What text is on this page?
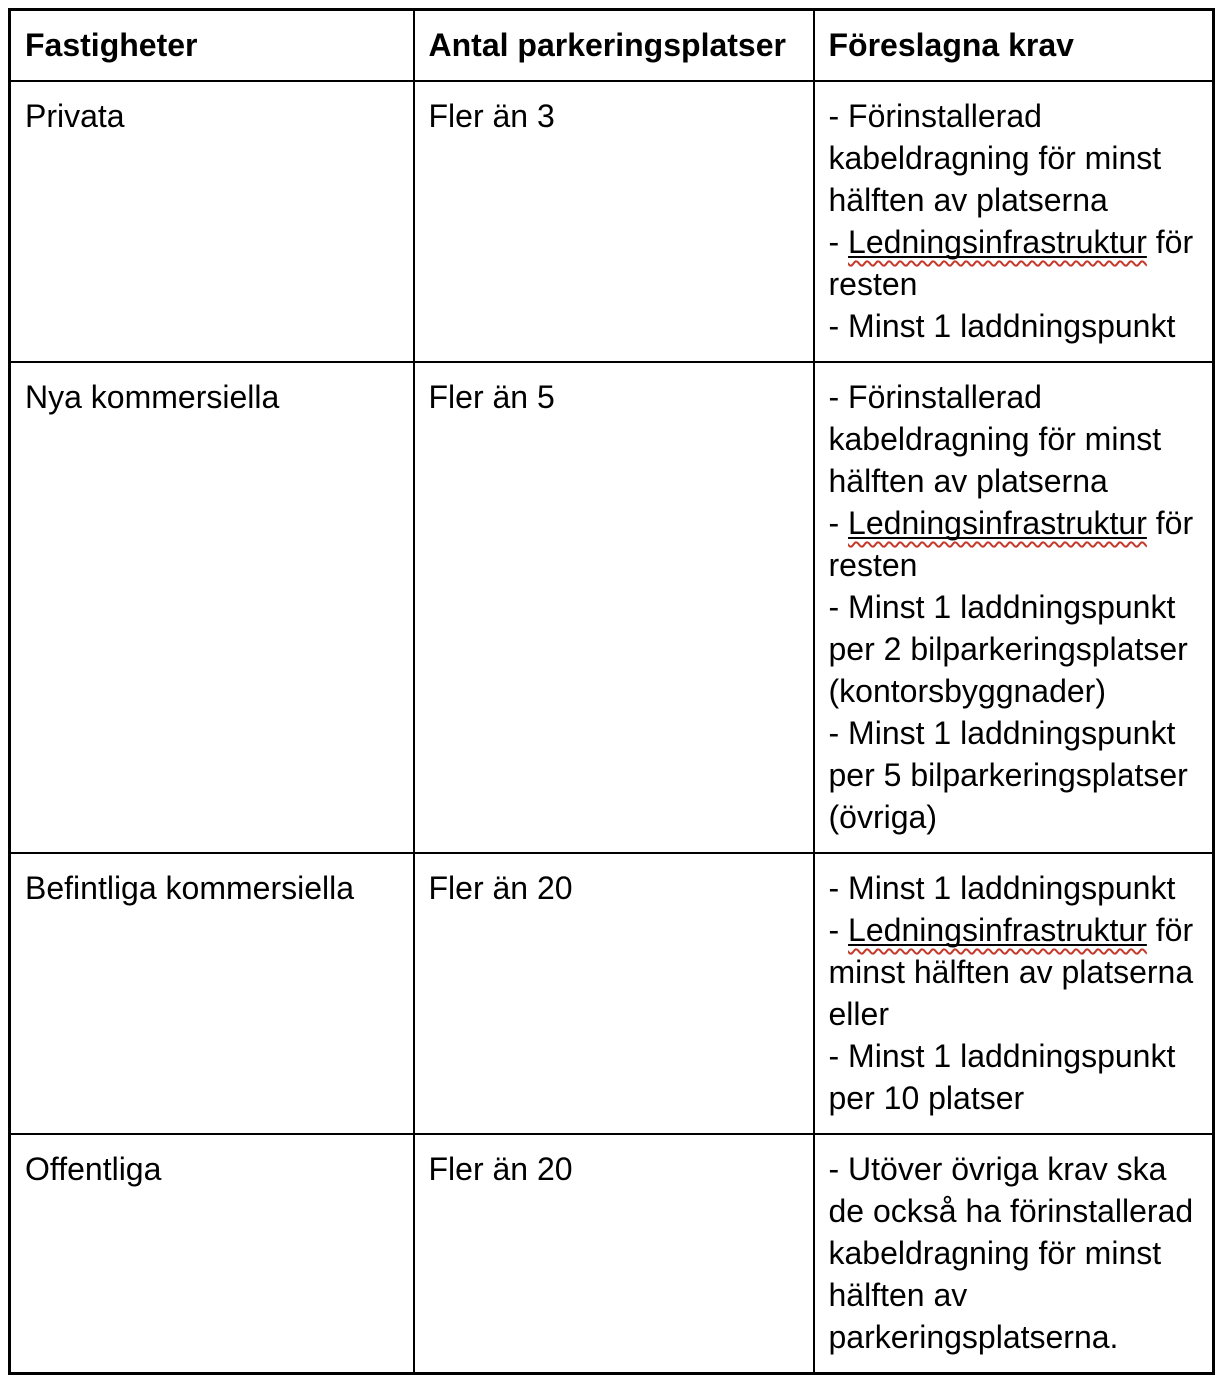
Fastigheter	Antal parkeringsplatser	Föreslagna krav
Privata	Fler än 3	- Förinstallerad kabeldragning för minst hälften av platserna
- Ledningsinfrastruktur för resten
- Minst 1 laddningspunkt

Nya kommersiella	Fler än 5	- Förinstallerad kabeldragning för minst hälften av platserna
- Ledningsinfrastruktur för resten
- Minst 1 laddningspunkt per 2 bilparkeringsplatser (kontorsbyggnader)
- Minst 1 laddningspunkt per 5 bilparkeringsplatser (övriga)

Befintliga kommersiella	Fler än 20	- Minst 1 laddningspunkt
- Ledningsinfrastruktur för minst hälften av platserna eller
- Minst 1 laddningspunkt per 10 platser

Offentliga	Fler än 20	- Utöver övriga krav ska de också ha förinstallerad kabeldragning för minst hälften av parkeringsplatserna.
